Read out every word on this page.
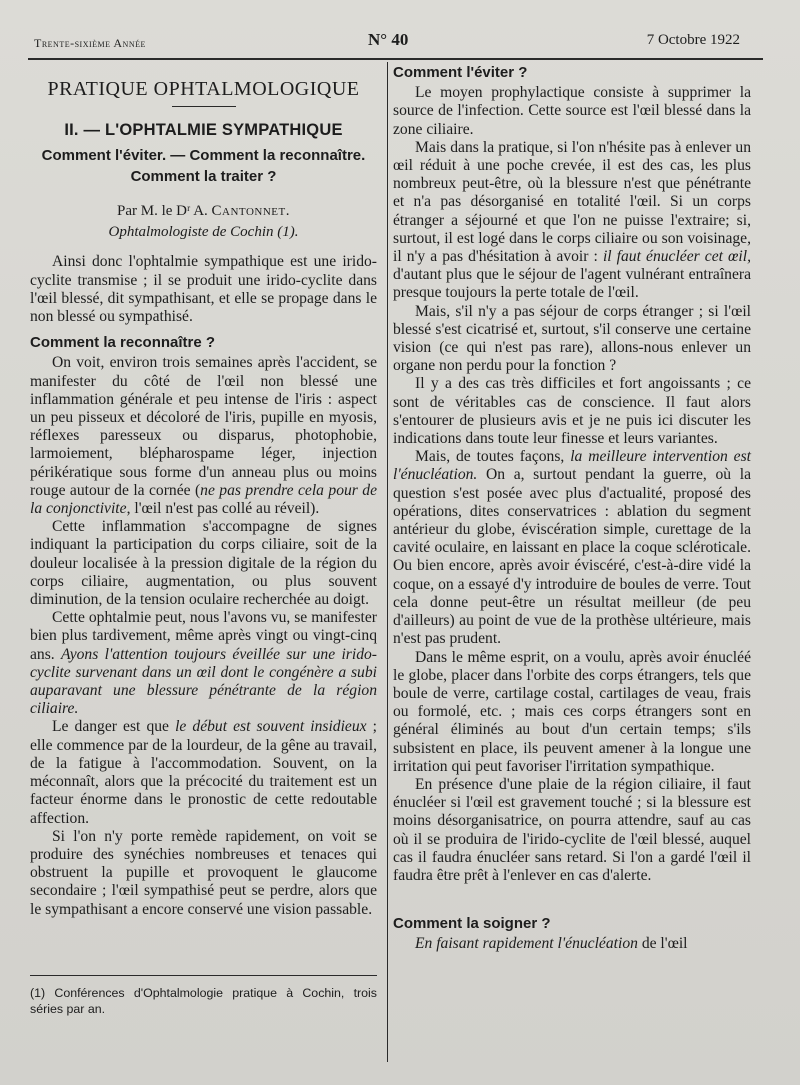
Trente-sixième Année	N° 40	7 Octobre 1922
PRATIQUE OPHTALMOLOGIQUE
II. — L'OPHTALMIE SYMPATHIQUE
Comment l'éviter. — Comment la reconnaître.
Comment la traiter ?
Par M. le Dʳ A. Cantonnet.
Ophtalmologiste de Cochin (1).

Ainsi donc l'ophtalmie sympathique est une irido-cyclite transmise ; il se produit une irido-cyclite dans l'œil blessé, dit sympathisant, et elle se propage dans le non blessé ou sympathisé.

Comment la reconnaître ?

On voit, environ trois semaines après l'accident, se manifester du côté de l'œil non blessé une inflammation générale et peu intense de l'iris : aspect un peu pisseux et décoloré de l'iris, pupille en myosis, réflexes paresseux ou disparus, photophobie, larmoiement, blépharospame léger, injection périkératique sous forme d'un anneau plus ou moins rouge autour de la cornée (ne pas prendre cela pour de la conjonctivite, l'œil n'est pas collé au réveil).

Cette inflammation s'accompagne de signes indiquant la participation du corps ciliaire, soit de la douleur localisée à la pression digitale de la région du corps ciliaire, augmentation, ou plus souvent diminution, de la tension oculaire recherchée au doigt.

Cette ophtalmie peut, nous l'avons vu, se manifester bien plus tardivement, même après vingt ou vingt-cinq ans. Ayons l'attention toujours éveillée sur une irido-cyclite survenant dans un œil dont le congénère a subi auparavant une blessure pénétrante de la région ciliaire.

Le danger est que le début est souvent insidieux ; elle commence par de la lourdeur, de la gêne au travail, de la fatigue à l'accommodation. Souvent, on la méconnaît, alors que la précocité du traitement est un facteur énorme dans le pronostic de cette redoutable affection.

Si l'on n'y porte remède rapidement, on voit se produire des synéchies nombreuses et tenaces qui obstruent la pupille et provoquent le glaucome secondaire ; l'œil sympathisé peut se perdre, alors que le sympathisant a encore conservé une vision passable.

(1) Conférences d'Ophtalmologie pratique à Cochin, trois séries par an.
Comment l'éviter ?

Le moyen prophylactique consiste à supprimer la source de l'infection. Cette source est l'œil blessé dans la zone ciliaire.

Mais dans la pratique, si l'on n'hésite pas à enlever un œil réduit à une poche crevée, il est des cas, les plus nombreux peut-être, où la blessure n'est que pénétrante et n'a pas désorganisé en totalité l'œil. Si un corps étranger a séjourné et que l'on ne puisse l'extraire; si, surtout, il est logé dans le corps ciliaire ou son voisinage, il n'y a pas d'hésitation à avoir : il faut énucléer cet œil, d'autant plus que le séjour de l'agent vulnérant entraînera presque toujours la perte totale de l'œil.

Mais, s'il n'y a pas séjour de corps étranger ; si l'œil blessé s'est cicatrisé et, surtout, s'il conserve une certaine vision (ce qui n'est pas rare), allons-nous enlever un organe non perdu pour la fonction ?

Il y a des cas très difficiles et fort angoissants ; ce sont de véritables cas de conscience. Il faut alors s'entourer de plusieurs avis et je ne puis ici discuter les indications dans toute leur finesse et leurs variantes.

Mais, de toutes façons, la meilleure intervention est l'énucléation. On a, surtout pendant la guerre, où la question s'est posée avec plus d'actualité, proposé des opérations, dites conservatrices : ablation du segment antérieur du globe, éviscération simple, curettage de la cavité oculaire, en laissant en place la coque scléroticale. Ou bien encore, après avoir éviscéré, c'est-à-dire vidé la coque, on a essayé d'y introduire de boules de verre. Tout cela donne peut-être un résultat meilleur (de peu d'ailleurs) au point de vue de la prothèse ultérieure, mais n'est pas prudent.

Dans le même esprit, on a voulu, après avoir énucléé le globe, placer dans l'orbite des corps étrangers, tels que boule de verre, cartilage costal, cartilages de veau, frais ou formolé, etc. ; mais ces corps étrangers sont en général éliminés au bout d'un certain temps; s'ils subsistent en place, ils peuvent amener à la longue une irritation qui peut favoriser l'irritation sympathique.

En présence d'une plaie de la région ciliaire, il faut énucléer si l'œil est gravement touché ; si la blessure est moins désorganisatrice, on pourra attendre, sauf au cas où il se produira de l'irido-cyclite de l'œil blessé, auquel cas il faudra énucléer sans retard. Si l'on a gardé l'œil il faudra être prêt à l'enlever en cas d'alerte.

Comment la soigner ?

En faisant rapidement l'énucléation de l'œil
